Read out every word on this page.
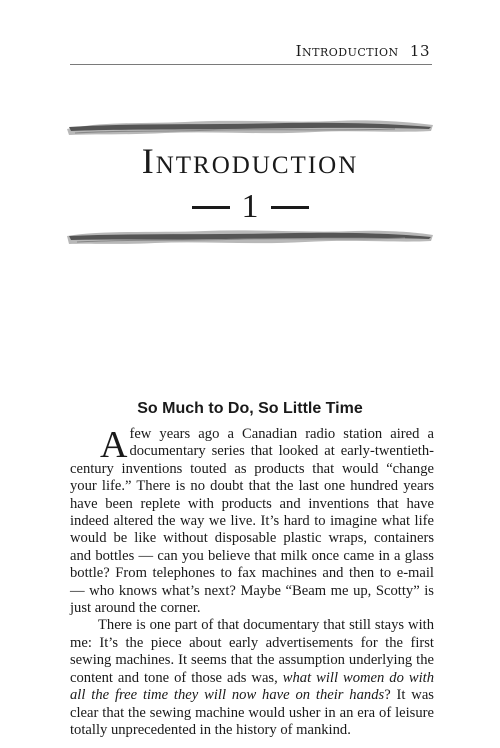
Introduction 13
Introduction
1
So Much to Do, So Little Time

Afew years ago a Canadian radio station aired a documentary series that looked at early-twentieth-century inventions touted as products that would “change your life.” There is no doubt that the last one hundred years have been replete with products and inventions that have indeed altered the way we live. It’s hard to imagine what life would be like without disposable plastic wraps, containers and bottles — can you believe that milk once came in a glass bottle? From telephones to fax machines and then to e-mail — who knows what’s next? Maybe “Beam me up, Scotty” is just around the corner.

There is one part of that documentary that still stays with me: It’s the piece about early advertisements for the first sewing machines. It seems that the assumption underlying the content and tone of those ads was, what will women do with all the free time they will now have on their hands? It was clear that the sewing machine would usher in an era of leisure totally unprecedented in the history of mankind.
